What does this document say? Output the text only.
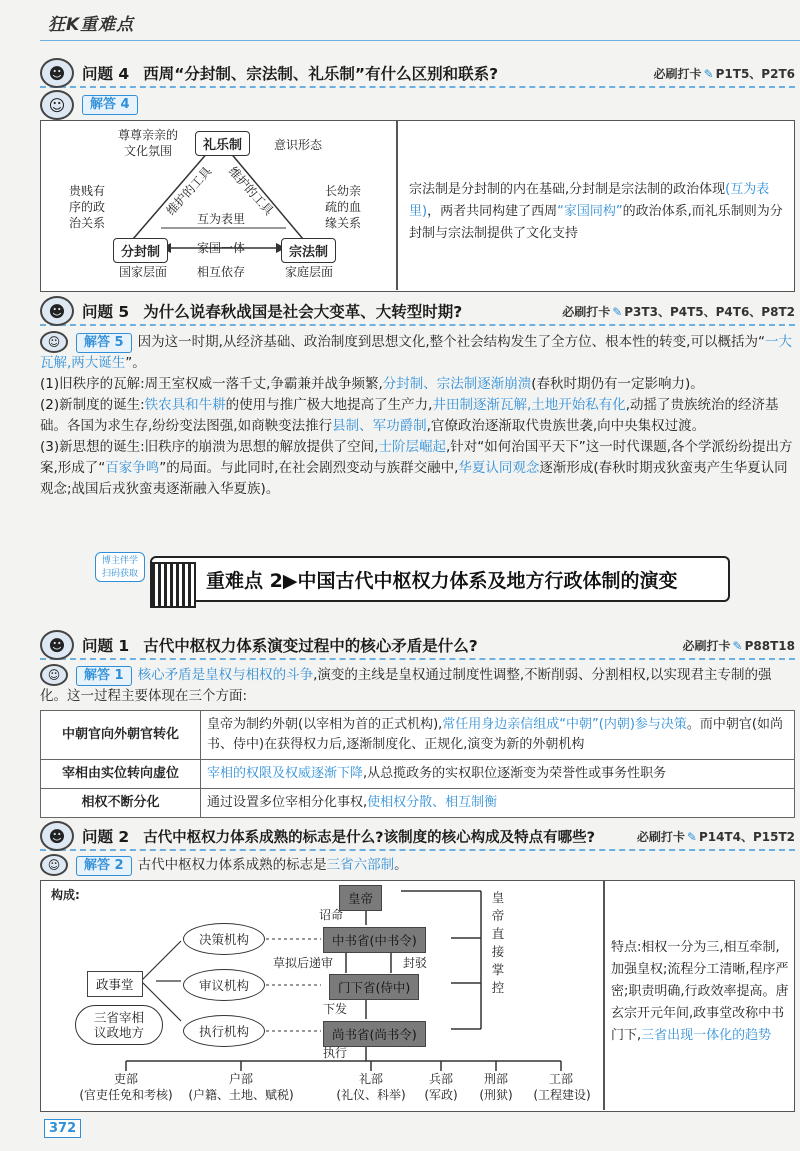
狂K重难点
☻	问题 4 西周“分封制、宗法制、礼乐制”有什么区别和联系?	必刷打卡 ✎ P1T5、P2T6
☺	解答 4
礼乐制
分封制	宗法制
尊尊亲亲的
文化氛围	意识形态
贵贱有
序的政
治关系
长幼亲
疏的血
缘关系
维护的工具 维护的工具
互为表里
家国一体
相互依存
国家层面	家庭层面
宗法制是分封制的内在基础,分封制是宗法制的政治体现(互为表里)，两者共同构建了西周“家国同构”的政治体系,而礼乐制则为分封制与宗法制提供了文化支持
☻	问题 5 为什么说春秋战国是社会大变革、大转型时期?	必刷打卡 ✎ P3T3、P4T5、P4T6、P8T2
☺ 解答 5 因为这一时期,从经济基础、政治制度到思想文化,整个社会结构发生了全方位、根本性的转变,可以概括为“一大瓦解,两大诞生”。
(1)旧秩序的瓦解:周王室权威一落千丈,争霸兼并战争频繁,分封制、宗法制逐渐崩溃(春秋时期仍有一定影响力)。
(2)新制度的诞生:铁农具和牛耕的使用与推广极大地提高了生产力,井田制逐渐瓦解,土地开始私有化,动摇了贵族统治的经济基础。各国为求生存,纷纷变法图强,如商鞅变法推行县制、军功爵制,官僚政治逐渐取代贵族世袭,向中央集权过渡。
(3)新思想的诞生:旧秩序的崩溃为思想的解放提供了空间,士阶层崛起,针对“如何治国平天下”这一时代课题,各个学派纷纷提出方案,形成了“百家争鸣”的局面。与此同时,在社会剧烈变动与族群交融中,华夏认同观念逐渐形成(春秋时期戎狄蛮夷产生华夏认同观念;战国后戎狄蛮夷逐渐融入华夏族)。
博主伴学
扫码获取	重难点 2▶中国古代中枢权力体系及地方行政体制的演变
☻	问题 1 古代中枢权力体系演变过程中的核心矛盾是什么?	必刷打卡 ✎ P88T18
☺ 解答 1 核心矛盾是皇权与相权的斗争,演变的主线是皇权通过制度性调整,不断削弱、分割相权,以实现君主专制的强化。这一过程主要体现在三个方面:
中朝官向外朝官转化	皇帝为制约外朝(以宰相为首的正式机构),常任用身边亲信组成“中朝”(内朝)参与决策。而中朝官(如尚书、侍中)在获得权力后,逐渐制度化、正规化,演变为新的外朝机构
宰相由实位转向虚位	宰相的权限及权威逐渐下降,从总揽政务的实权职位逐渐变为荣誉性或事务性职务
相权不断分化	通过设置多位宰相分化事权,使相权分散、相互制衡
☻	问题 2 古代中枢权力体系成熟的标志是什么?该制度的核心构成及特点有哪些?	必刷打卡 ✎ P14T4、P15T2
☺ 解答 2 古代中枢权力体系成熟的标志是三省六部制。
构成:	皇帝
中书省(中书令)
门下省(侍中)
尚书省(尚书令)
诏命
草拟后递审	封驳
下发
执行
皇
帝
直
接
掌
控
决策机构
审议机构
执行机构
政事堂
三省宰相
议政地方
吏部
(官吏任免和考核)
户部
(户籍、土地、赋税)
礼部
(礼仪、科举)
兵部
(军政)
刑部
(刑狱)
工部
(工程建设)
特点:相权一分为三,相互牵制,加强皇权;流程分工清晰,程序严密;职责明确,行政效率提高。唐玄宗开元年间,政事堂改称中书门下,三省出现一体化的趋势
372
